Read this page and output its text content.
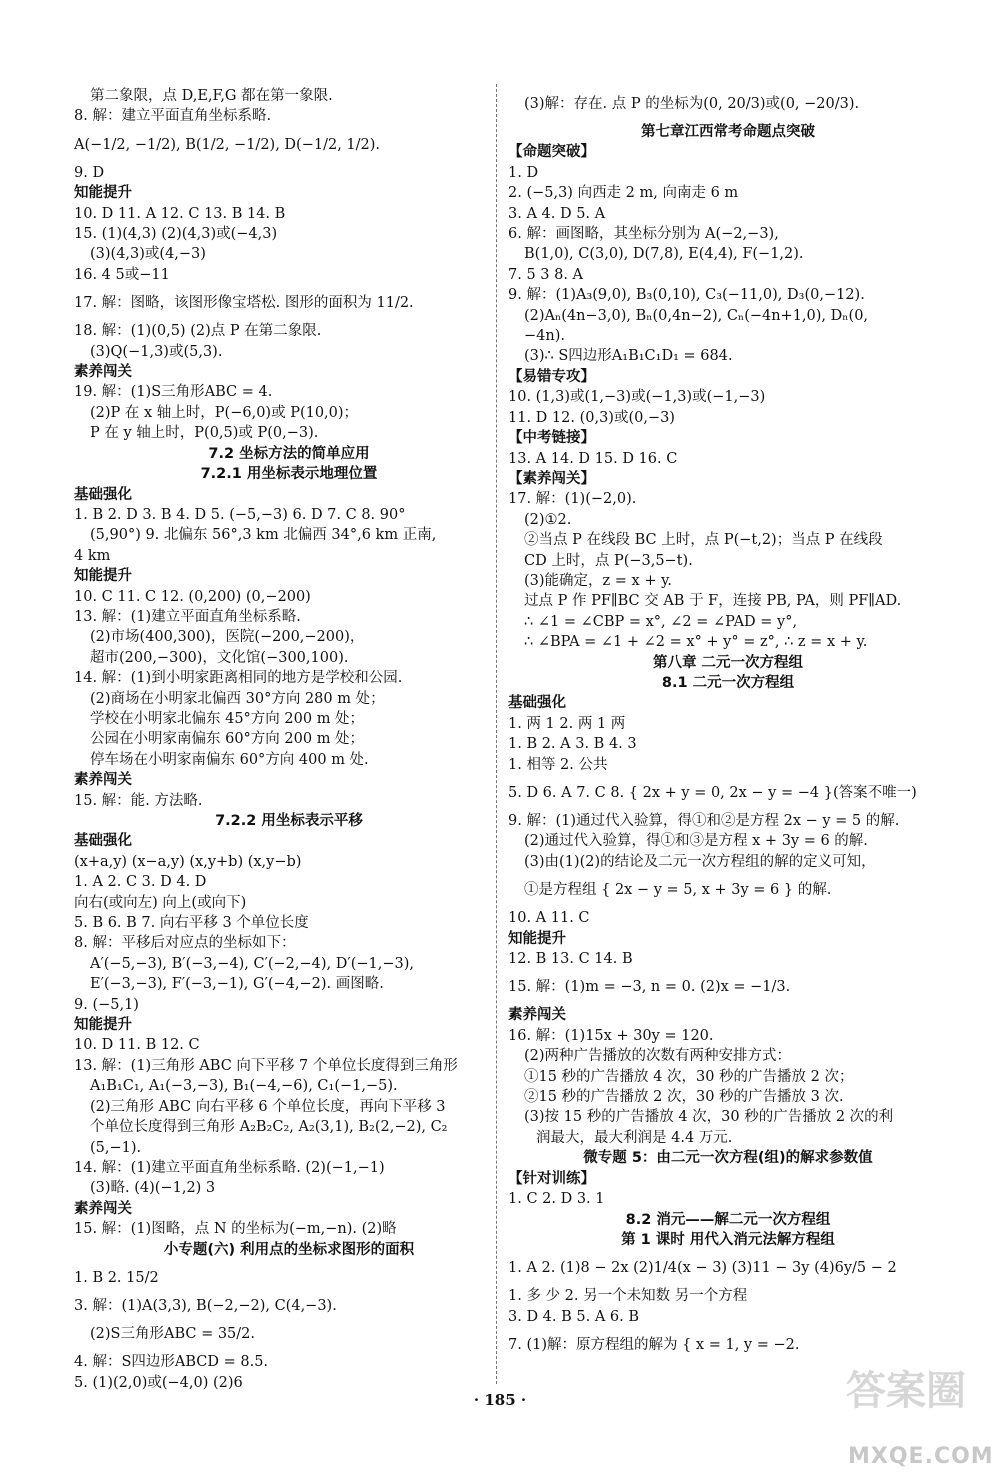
第二象限，点 D,E,F,G 都在第一象限.
8. 解：建立平面直角坐标系略.
A(−1/2, −1/2), B(1/2, −1/2), D(−1/2, 1/2).
9. D
知能提升
10. D 11. A 12. C 13. B 14. B
15. (1)(4,3) (2)(4,3)或(−4,3)
(3)(4,3)或(4,−3)
16. 4 5或−11
17. 解：图略，该图形像宝塔松. 图形的面积为 11/2.
18. 解：(1)(0,5) (2)点 P 在第二象限.
(3)Q(−1,3)或(5,3).
素养闯关
19. 解：(1)S三角形ABC = 4.
(2)P 在 x 轴上时，P(−6,0)或 P(10,0)；
P 在 y 轴上时，P(0,5)或 P(0,−3).
7.2 坐标方法的简单应用
7.2.1 用坐标表示地理位置
基础强化
1. B 2. D 3. B 4. D 5. (−5,−3) 6. D 7. C 8. 90°
(5,90°) 9. 北偏东 56°,3 km 北偏西 34°,6 km 正南,
4 km
知能提升
10. C 11. C 12. (0,200) (0,−200)
13. 解：(1)建立平面直角坐标系略.
(2)市场(400,300)，医院(−200,−200)，
超市(200,−300)，文化馆(−300,100).
14. 解：(1)到小明家距离相同的地方是学校和公园.
(2)商场在小明家北偏西 30°方向 280 m 处；
学校在小明家北偏东 45°方向 200 m 处；
公园在小明家南偏东 60°方向 200 m 处；
停车场在小明家南偏东 60°方向 400 m 处.
素养闯关
15. 解：能. 方法略.
7.2.2 用坐标表示平移
基础强化
(x+a,y) (x−a,y) (x,y+b) (x,y−b)
1. A 2. C 3. D 4. D
向右(或向左) 向上(或向下)
5. B 6. B 7. 向右平移 3 个单位长度
8. 解：平移后对应点的坐标如下：
A′(−5,−3), B′(−3,−4), C′(−2,−4), D′(−1,−3),
E′(−3,−3), F′(−3,−1), G′(−4,−2). 画图略.
9. (−5,1)
知能提升
10. D 11. B 12. C
13. 解：(1)三角形 ABC 向下平移 7 个单位长度得到三角形
A₁B₁C₁, A₁(−3,−3), B₁(−4,−6), C₁(−1,−5).
(2)三角形 ABC 向右平移 6 个单位长度，再向下平移 3
个单位长度得到三角形 A₂B₂C₂, A₂(3,1), B₂(2,−2), C₂
(5,−1).
14. 解：(1)建立平面直角坐标系略. (2)(−1,−1)
(3)略. (4)(−1,2) 3
素养闯关
15. 解：(1)图略，点 N 的坐标为(−m,−n). (2)略
小专题(六) 利用点的坐标求图形的面积
1. B 2. 15/2
3. 解：(1)A(3,3), B(−2,−2), C(4,−3).
(2)S三角形ABC = 35/2.
4. 解：S四边形ABCD = 8.5.
5. (1)(2,0)或(−4,0) (2)6
(3)解：存在. 点 P 的坐标为(0, 20/3)或(0, −20/3).
第七章江西常考命题点突破
【命题突破】
1. D
2. (−5,3) 向西走 2 m, 向南走 6 m
3. A 4. D 5. A
6. 解：画图略，其坐标分别为 A(−2,−3),
B(1,0), C(3,0), D(7,8), E(4,4), F(−1,2).
7. 5 3 8. A
9. 解：(1)A₃(9,0), B₃(0,10), C₃(−11,0), D₃(0,−12).
(2)Aₙ(4n−3,0), Bₙ(0,4n−2), Cₙ(−4n+1,0), Dₙ(0,
−4n).
(3)∴ S四边形A₁B₁C₁D₁ = 684.
【易错专攻】
10. (1,3)或(1,−3)或(−1,3)或(−1,−3)
11. D 12. (0,3)或(0,−3)
【中考链接】
13. A 14. D 15. D 16. C
【素养闯关】
17. 解：(1)(−2,0).
(2)①2.
②当点 P 在线段 BC 上时，点 P(−t,2)；当点 P 在线段
CD 上时，点 P(−3,5−t).
(3)能确定，z = x + y.
过点 P 作 PF∥BC 交 AB 于 F，连接 PB, PA，则 PF∥AD.
∴ ∠1 = ∠CBP = x°, ∠2 = ∠PAD = y°,
∴ ∠BPA = ∠1 + ∠2 = x° + y° = z°, ∴ z = x + y.
第八章 二元一次方程组
8.1 二元一次方程组
基础强化
1. 两 1 2. 两 1 两
1. B 2. A 3. B 4. 3
1. 相等 2. 公共
5. D 6. A 7. C 8. { 2x + y = 0, 2x − y = −4 }(答案不唯一)
9. 解：(1)通过代入验算，得①和②是方程 2x − y = 5 的解.
(2)通过代入验算，得①和③是方程 x + 3y = 6 的解.
(3)由(1)(2)的结论及二元一次方程组的解的定义可知，
①是方程组 { 2x − y = 5, x + 3y = 6 } 的解.
10. A 11. C
知能提升
12. B 13. C 14. B
15. 解：(1)m = −3, n = 0. (2)x = −1/3.
素养闯关
16. 解：(1)15x + 30y = 120.
(2)两种广告播放的次数有两种安排方式：
①15 秒的广告播放 4 次，30 秒的广告播放 2 次；
②15 秒的广告播放 2 次，30 秒的广告播放 3 次.
(3)按 15 秒的广告播放 4 次，30 秒的广告播放 2 次的利
润最大，最大利润是 4.4 万元.
微专题 5：由二元一次方程(组)的解求参数值
【针对训练】
1. C 2. D 3. 1
8.2 消元——解二元一次方程组
第 1 课时 用代入消元法解方程组
1. A 2. (1)8 − 2x (2)1/4(x − 3) (3)11 − 3y (4)6y/5 − 2
1. 多 少 2. 另一个未知数 另一个方程
3. D 4. B 5. A 6. B
7. (1)解：原方程组的解为 { x = 1, y = −2.
· 185 ·	答案圈
MXQE.COM
